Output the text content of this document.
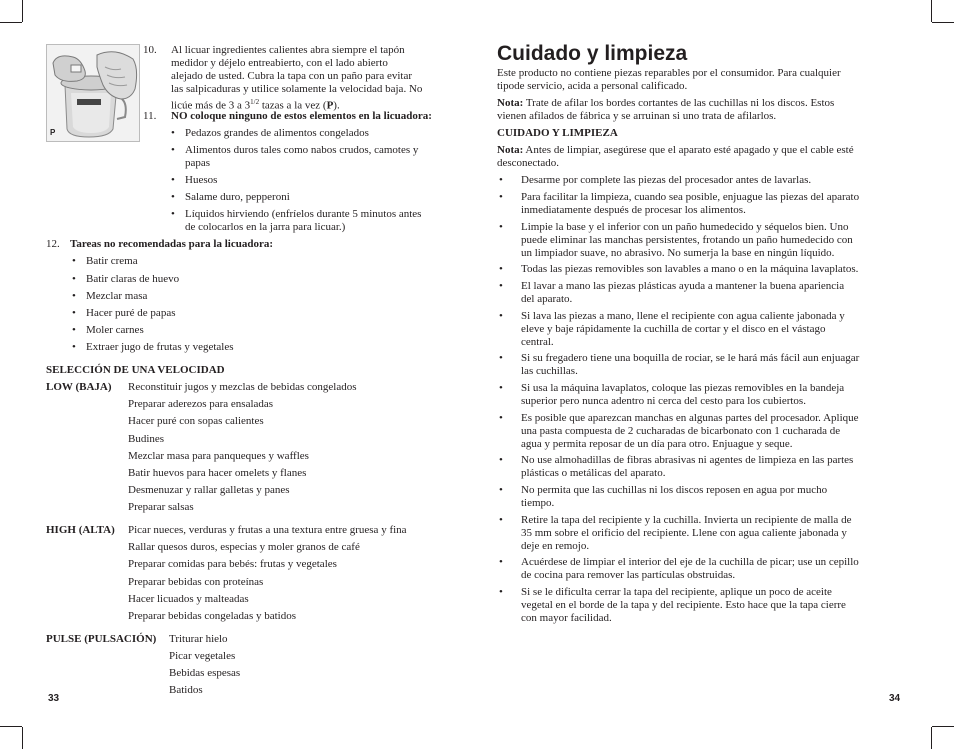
P
10. Al licuar ingredientes calientes abra siempre el tapón
medidor y déjelo entreabierto, con el lado abierto
alejado de usted. Cubra la tapa con un paño para evitar
las salpicaduras y utilice solamente la velocidad baja. No
licúe más de 3 a $3^{1/2}$ tazas a la vez (P).
11. NO coloque ninguno de estos elementos en la licuadora:
• Pedazos grandes de alimentos congelados
• Alimentos duros tales como nabos crudos, camotes y
papas
• Huesos
• Salame duro, pepperoni
• Líquidos hirviendo (enfríelos durante 5 minutos antes
de colocarlos en la jarra para licuar.)
12. Tareas no recomendadas para la licuadora:
• Batir crema
• Batir claras de huevo
• Mezclar masa
• Hacer puré de papas
• Moler carnes
• Extraer jugo de frutas y vegetales
SELECCIÓN DE UNA VELOCIDAD
LOW (BAJA) Reconstituir jugos y mezclas de bebidas congelados
Preparar aderezos para ensaladas
Hacer puré con sopas calientes
Budines
Mezclar masa para panqueques y waffles
Batir huevos para hacer omelets y flanes
Desmenuzar y rallar galletas y panes
Preparar salsas
HIGH (ALTA) Picar nueces, verduras y frutas a una textura entre gruesa y fina
Rallar quesos duros, especias y moler granos de café
Preparar comidas para bebés: frutas y vegetales
Preparar bebidas con proteínas
Hacer licuados y malteadas
Preparar bebidas congeladas y batidos
PULSE (PULSACIÓN) Triturar hielo
Picar vegetales
Bebidas espesas
Batidos
33
Cuidado y limpieza
Este producto no contiene piezas reparables por el consumidor. Para cualquier
tipode servicio, acida a personal calificado.
Nota: Trate de afilar los bordes cortantes de las cuchillas ni los discos. Estos
vienen afilados de fábrica y se arruinan si uno trata de afilarlos.
CUIDADO Y LIMPIEZA
Nota: Antes de limpiar, asegúrese que el aparato esté apagado y que el cable esté
desconectado.
• Desarme por complete las piezas del procesador antes de lavarlas.
• Para facilitar la limpieza, cuando sea posible, enjuague las piezas del aparato
inmediatamente después de procesar los alimentos.
• Limpie la base y el inferior con un paño humedecido y séquelos bien. Uno
puede eliminar las manchas persistentes, frotando un paño humedecido con
un limpiador suave, no abrasivo. No sumerja la base en ningún líquido.
• Todas las piezas removibles son lavables a mano o en la máquina lavaplatos.
• El lavar a mano las piezas plásticas ayuda a mantener la buena apariencia
del aparato.
• Si lava las piezas a mano, llene el recipiente con agua caliente jabonada y
eleve y baje rápidamente la cuchilla de cortar y el disco en el vástago
central.
• Si su fregadero tiene una boquilla de rociar, se le hará más fácil aun enjuagar
las cuchillas.
• Si usa la máquina lavaplatos, coloque las piezas removibles en la bandeja
superior pero nunca adentro ni cerca del cesto para los cubiertos.
• Es posible que aparezcan manchas en algunas partes del procesador. Aplique
una pasta compuesta de 2 cucharadas de bicarbonato con 1 cucharada de
agua y permita reposar de un día para otro. Enjuague y seque.
• No use almohadillas de fibras abrasivas ni agentes de limpieza en las partes
plásticas o metálicas del aparato.
• No permita que las cuchillas ni los discos reposen en agua por mucho
tiempo.
• Retire la tapa del recipiente y la cuchilla. Invierta un recipiente de malla de
35 mm sobre el orificio del recipiente. Llene con agua caliente jabonada y
deje en remojo.
• Acuérdese de limpiar el interior del eje de la cuchilla de picar; use un cepillo
de cocina para remover las partículas obstruidas.
• Si se le dificulta cerrar la tapa del recipiente, aplique un poco de aceite
vegetal en el borde de la tapa y del recipiente. Esto hace que la tapa cierre
con mayor facilidad.
34
